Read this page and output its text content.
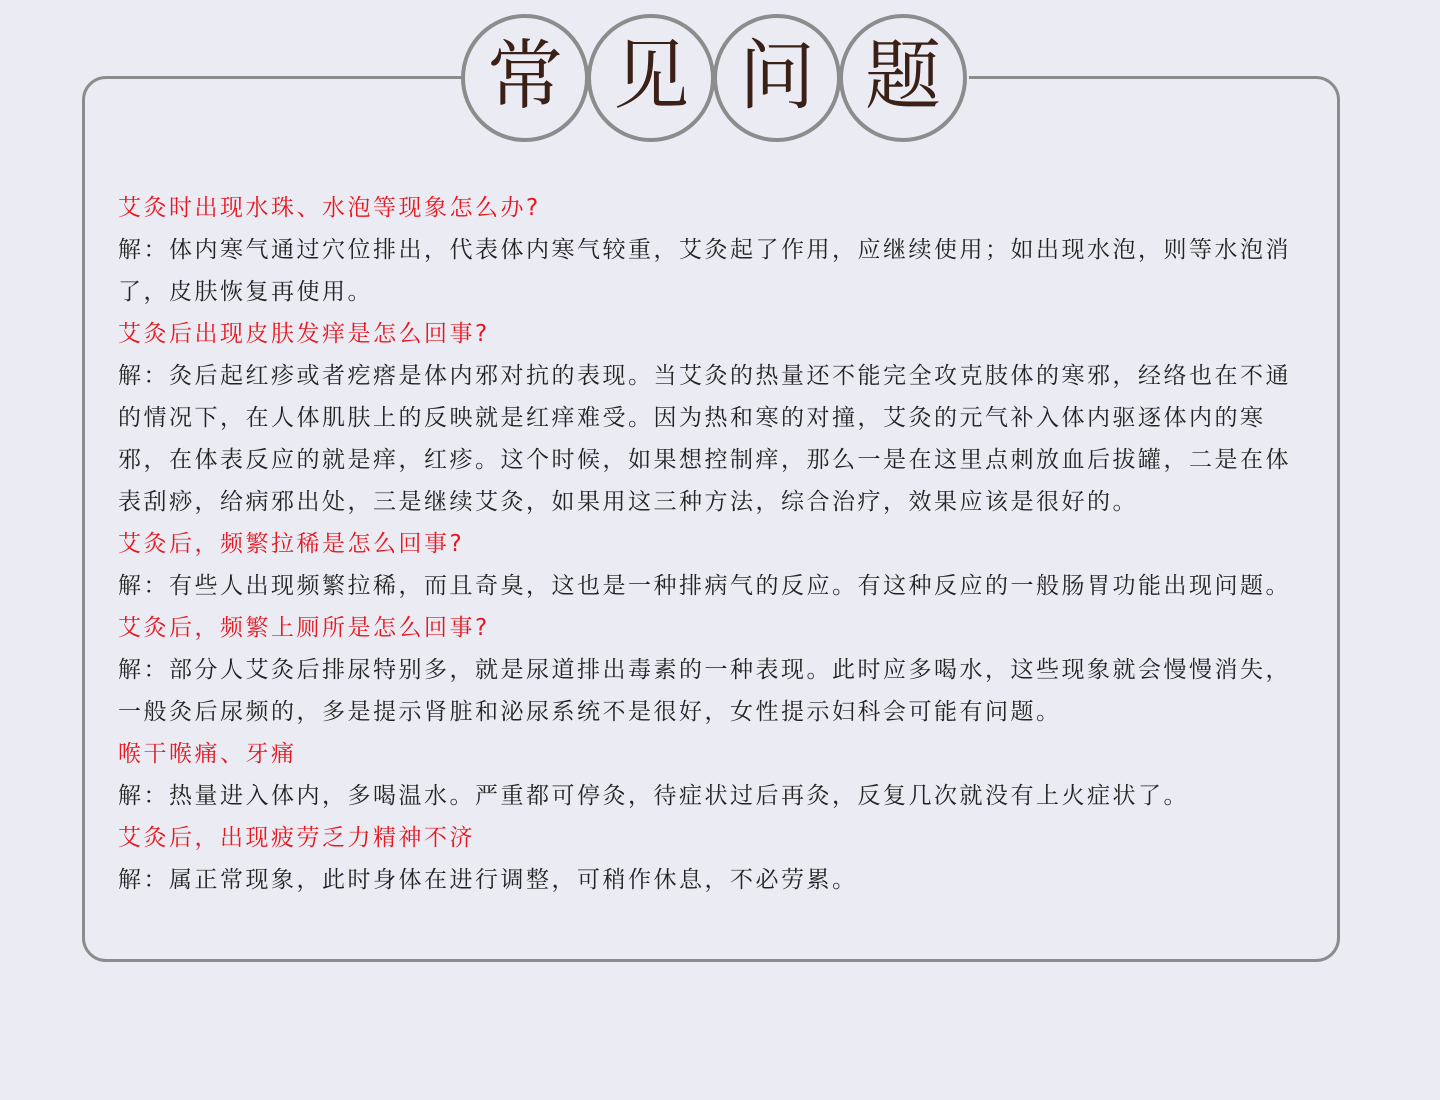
常 见 问 题

艾灸时出现水珠、水泡等现象怎么办?

解：体内寒气通过穴位排出，代表体内寒气较重，艾灸起了作用，应继续使用；如出现水泡，则等水泡消了，皮肤恢复再使用。

艾灸后出现皮肤发痒是怎么回事?

解：灸后起红疹或者疙瘩是体内邪对抗的表现。当艾灸的热量还不能完全攻克肢体的寒邪，经络也在不通的情况下，在人体肌肤上的反映就是红痒难受。因为热和寒的对撞，艾灸的元气补入体内驱逐体内的寒邪，在体表反应的就是痒，红疹。这个时候，如果想控制痒，那么一是在这里点刺放血后拔罐，二是在体表刮痧，给病邪出处，三是继续艾灸，如果用这三种方法，综合治疗，效果应该是很好的。

艾灸后，频繁拉稀是怎么回事?

解：有些人出现频繁拉稀，而且奇臭，这也是一种排病气的反应。有这种反应的一般肠胃功能出现问题。

艾灸后，频繁上厕所是怎么回事?

解：部分人艾灸后排尿特别多，就是尿道排出毒素的一种表现。此时应多喝水，这些现象就会慢慢消失，一般灸后尿频的，多是提示肾脏和泌尿系统不是很好，女性提示妇科会可能有问题。

喉干喉痛、牙痛

解：热量进入体内，多喝温水。严重都可停灸，待症状过后再灸，反复几次就没有上火症状了。

艾灸后，出现疲劳乏力精神不济

解：属正常现象，此时身体在进行调整，可稍作休息，不必劳累。
